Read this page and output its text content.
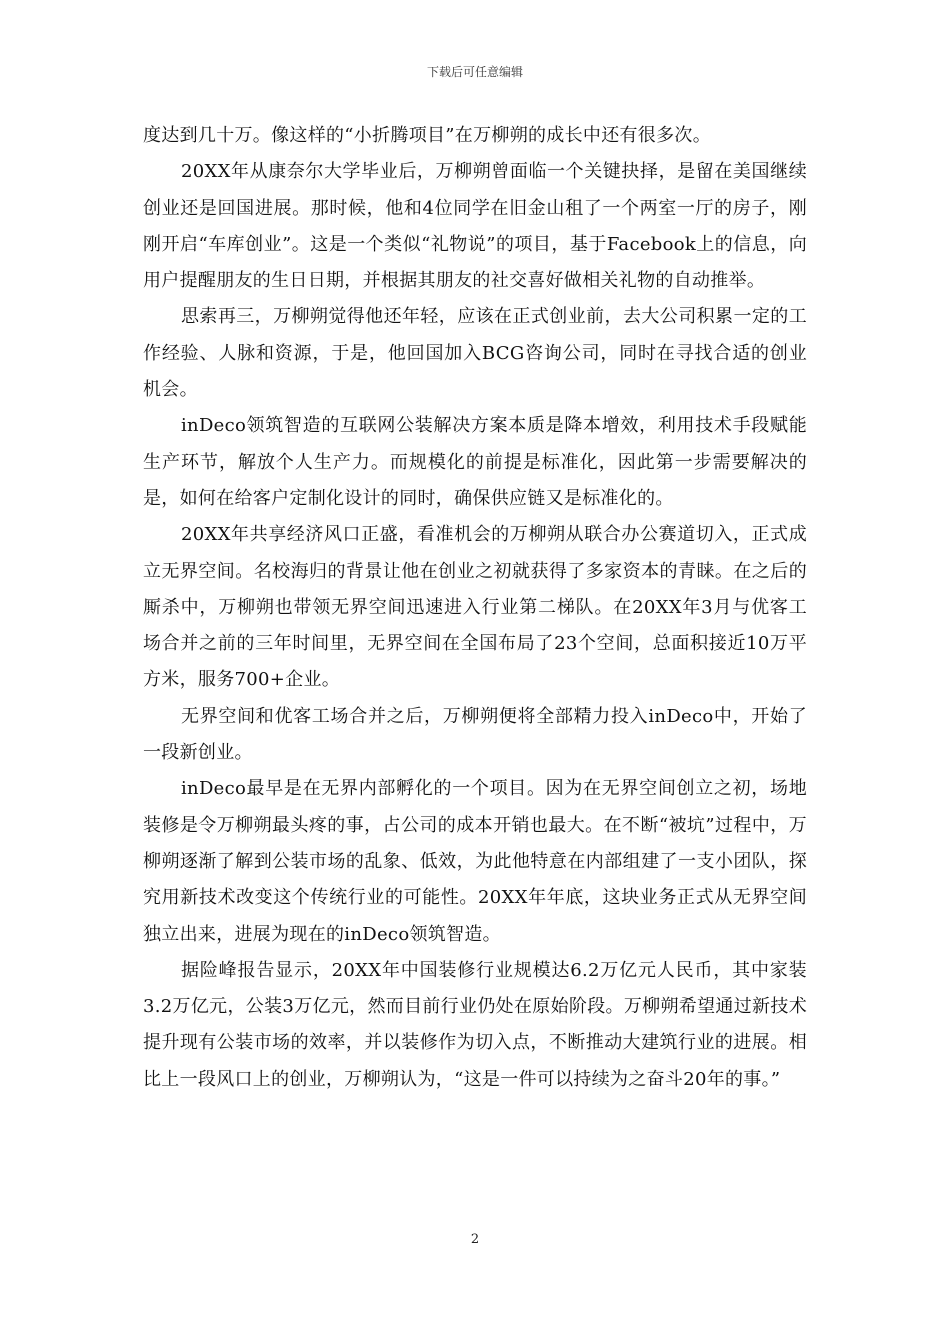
下载后可任意编辑

度达到几十万。像这样的“小折腾项目”在万柳朔的成长中还有很多次。

20XX年从康奈尔大学毕业后，万柳朔曾面临一个关键抉择，是留在美国继续创业还是回国进展。那时候，他和4位同学在旧金山租了一个两室一厅的房子，刚刚开启“车库创业”。这是一个类似“礼物说”的项目，基于Facebook上的信息，向用户提醒朋友的生日日期，并根据其朋友的社交喜好做相关礼物的自动推举。

思索再三，万柳朔觉得他还年轻，应该在正式创业前，去大公司积累一定的工作经验、人脉和资源，于是，他回国加入BCG咨询公司，同时在寻找合适的创业机会。

inDeco领筑智造的互联网公装解决方案本质是降本增效，利用技术手段赋能生产环节，解放个人生产力。而规模化的前提是标准化，因此第一步需要解决的是，如何在给客户定制化设计的同时，确保供应链又是标准化的。

20XX年共享经济风口正盛，看准机会的万柳朔从联合办公赛道切入，正式成立无界空间。名校海归的背景让他在创业之初就获得了多家资本的青睐。在之后的厮杀中，万柳朔也带领无界空间迅速进入行业第二梯队。在20XX年3月与优客工场合并之前的三年时间里，无界空间在全国布局了23个空间，总面积接近10万平方米，服务700+企业。

无界空间和优客工场合并之后，万柳朔便将全部精力投入inDeco中，开始了一段新创业。

inDeco最早是在无界内部孵化的一个项目。因为在无界空间创立之初，场地装修是令万柳朔最头疼的事，占公司的成本开销也最大。在不断“被坑”过程中，万柳朔逐渐了解到公装市场的乱象、低效，为此他特意在内部组建了一支小团队，探究用新技术改变这个传统行业的可能性。20XX年年底，这块业务正式从无界空间独立出来，进展为现在的inDeco领筑智造。

据险峰报告显示，20XX年中国装修行业规模达6.2万亿元人民币，其中家装3.2万亿元，公装3万亿元，然而目前行业仍处在原始阶段。万柳朔希望通过新技术提升现有公装市场的效率，并以装修作为切入点，不断推动大建筑行业的进展。相比上一段风口上的创业，万柳朔认为，“这是一件可以持续为之奋斗20年的事。”

2
